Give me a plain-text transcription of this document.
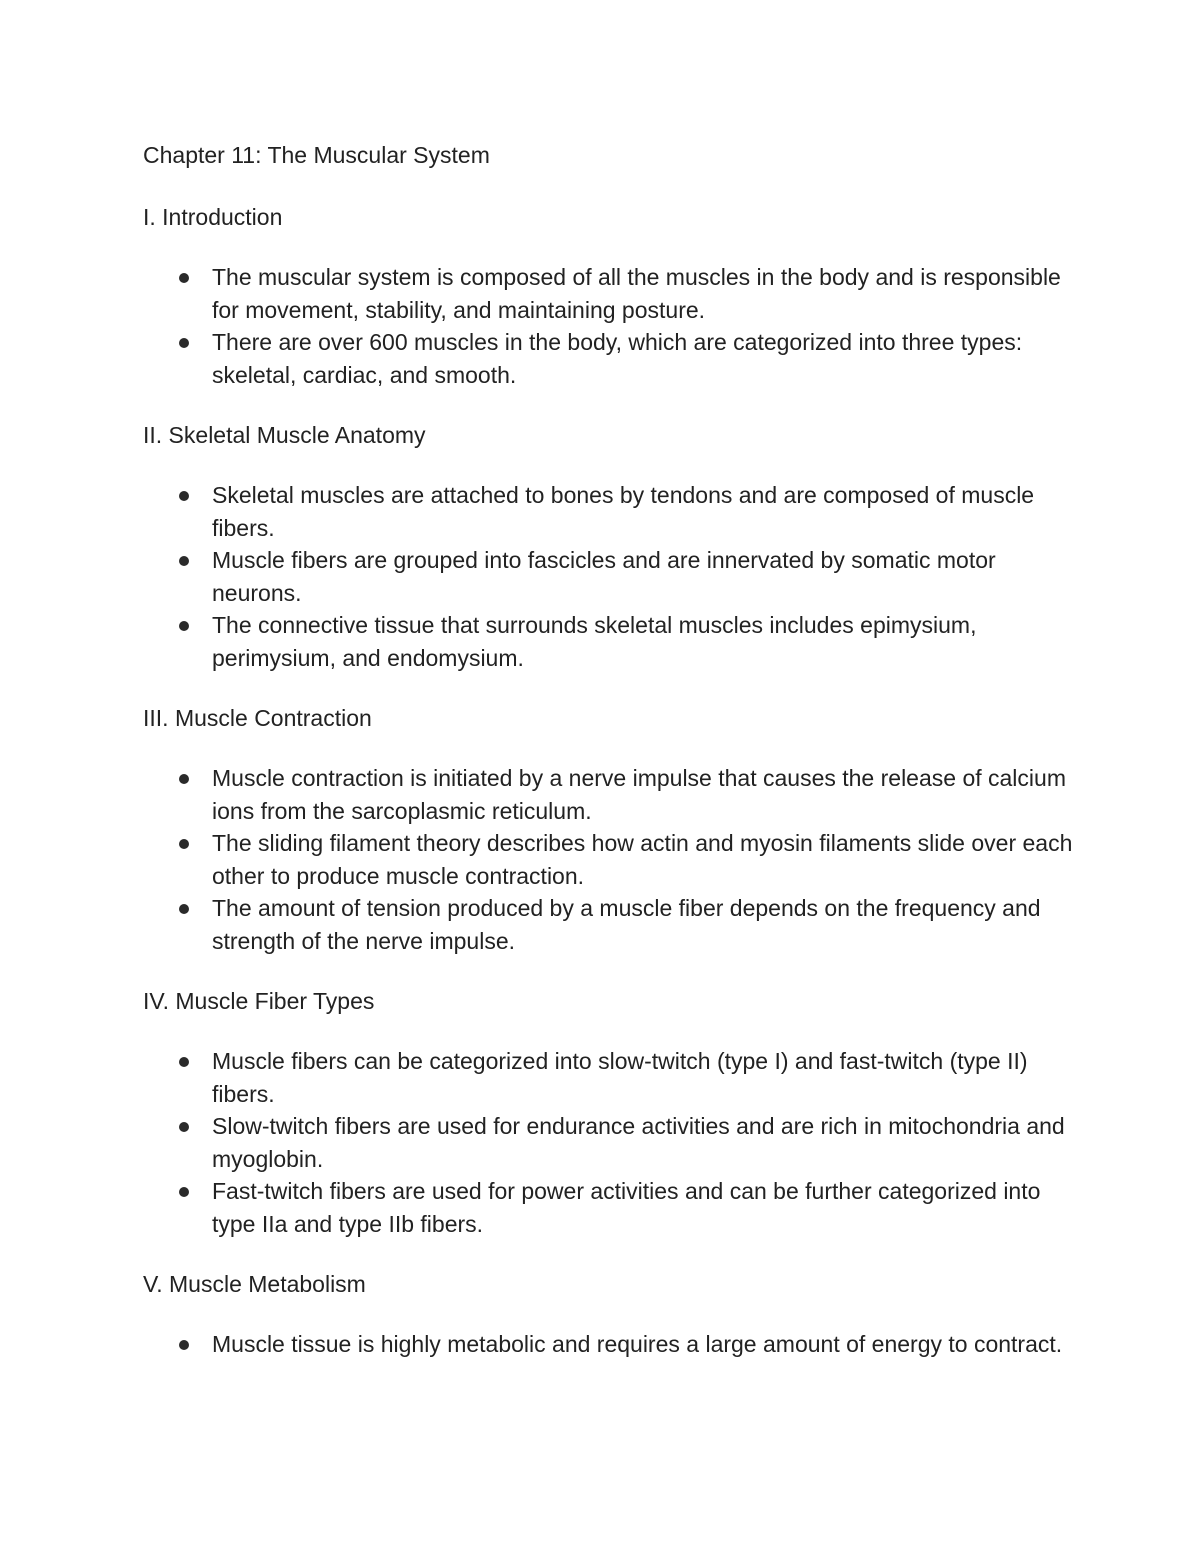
Chapter 11: The Muscular System
I. Introduction
The muscular system is composed of all the muscles in the body and is responsible for movement, stability, and maintaining posture.
There are over 600 muscles in the body, which are categorized into three types: skeletal, cardiac, and smooth.
II. Skeletal Muscle Anatomy
Skeletal muscles are attached to bones by tendons and are composed of muscle fibers.
Muscle fibers are grouped into fascicles and are innervated by somatic motor neurons.
The connective tissue that surrounds skeletal muscles includes epimysium, perimysium, and endomysium.
III. Muscle Contraction
Muscle contraction is initiated by a nerve impulse that causes the release of calcium ions from the sarcoplasmic reticulum.
The sliding filament theory describes how actin and myosin filaments slide over each other to produce muscle contraction.
The amount of tension produced by a muscle fiber depends on the frequency and strength of the nerve impulse.
IV. Muscle Fiber Types
Muscle fibers can be categorized into slow-twitch (type I) and fast-twitch (type II) fibers.
Slow-twitch fibers are used for endurance activities and are rich in mitochondria and myoglobin.
Fast-twitch fibers are used for power activities and can be further categorized into type IIa and type IIb fibers.
V. Muscle Metabolism
Muscle tissue is highly metabolic and requires a large amount of energy to contract.
